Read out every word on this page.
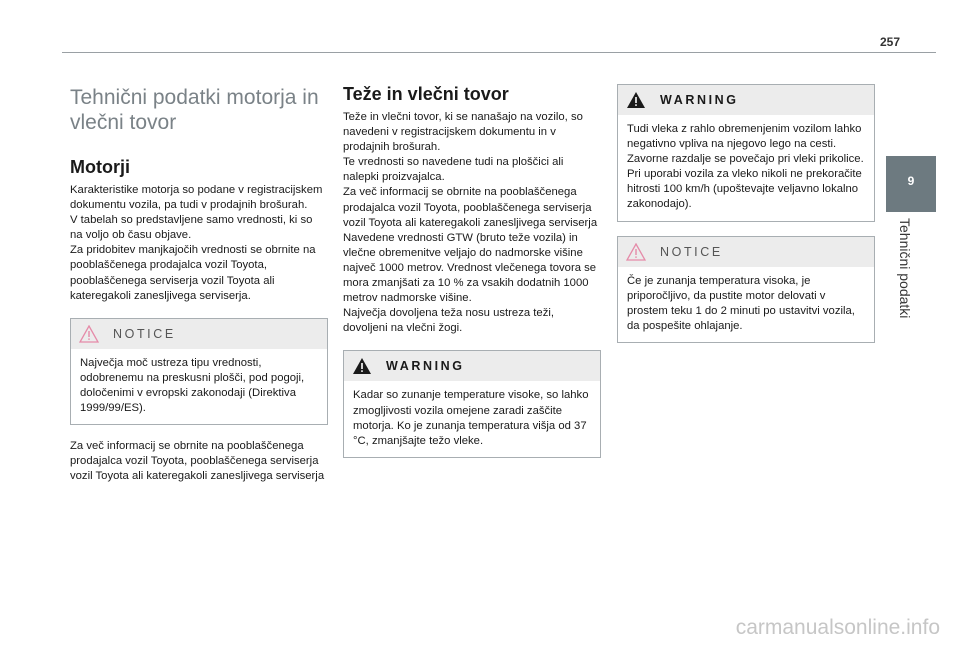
257
9
Tehnični podatki
Tehnični podatki motorja in vlečni tovor
Motorji

Karakteristike motorja so podane v registracijskem dokumentu vozila, pa tudi v prodajnih brošurah.
V tabelah so predstavljene samo vrednosti, ki so na voljo ob času objave.
Za pridobitev manjkajočih vrednosti se obrnite na pooblaščenega prodajalca vozil Toyota, pooblaščenega serviserja vozil Toyota ali kateregakoli zanesljivega serviserja.

NOTICE
Največja moč ustreza tipu vrednosti, odobrenemu na preskusni plošči, pod pogoji, določenimi v evropski zakonodaji (Direktiva 1999/99/ES).

Za več informacij se obrnite na pooblaščenega prodajalca vozil Toyota, pooblaščenega serviserja vozil Toyota ali kateregakoli zanesljivega serviserja

Teže in vlečni tovor

Teže in vlečni tovor, ki se nanašajo na vozilo, so navedeni v registracijskem dokumentu in v prodajnih brošurah.
Te vrednosti so navedene tudi na ploščici ali nalepki proizvajalca.
Za več informacij se obrnite na pooblaščenega prodajalca vozil Toyota, pooblaščenega serviserja vozil Toyota ali kateregakoli zanesljivega serviserja
Navedene vrednosti GTW (bruto teže vozila) in vlečne obremenitve veljajo do nadmorske višine največ 1000 metrov. Vrednost vlečenega tovora se mora zmanjšati za 10 % za vsakih dodatnih 1000 metrov nadmorske višine.
Največja dovoljena teža nosu ustreza teži, dovoljeni na vlečni žogi.

WARNING
Kadar so zunanje temperature visoke, so lahko zmogljivosti vozila omejene zaradi zaščite motorja. Ko je zunanja temperatura višja od 37 °C, zmanjšajte težo vleke.
WARNING
Tudi vleka z rahlo obremenjenim vozilom lahko negativno vpliva na njegovo lego na cesti.
Zavorne razdalje se povečajo pri vleki prikolice.
Pri uporabi vozila za vleko nikoli ne prekoračite hitrosti 100 km/h (upoštevajte veljavno lokalno zakonodajo).
NOTICE
Če je zunanja temperatura visoka, je priporočljivo, da pustite motor delovati v prostem teku 1 do 2 minuti po ustavitvi vozila, da pospešite ohlajanje.
carmanualsonline.info
